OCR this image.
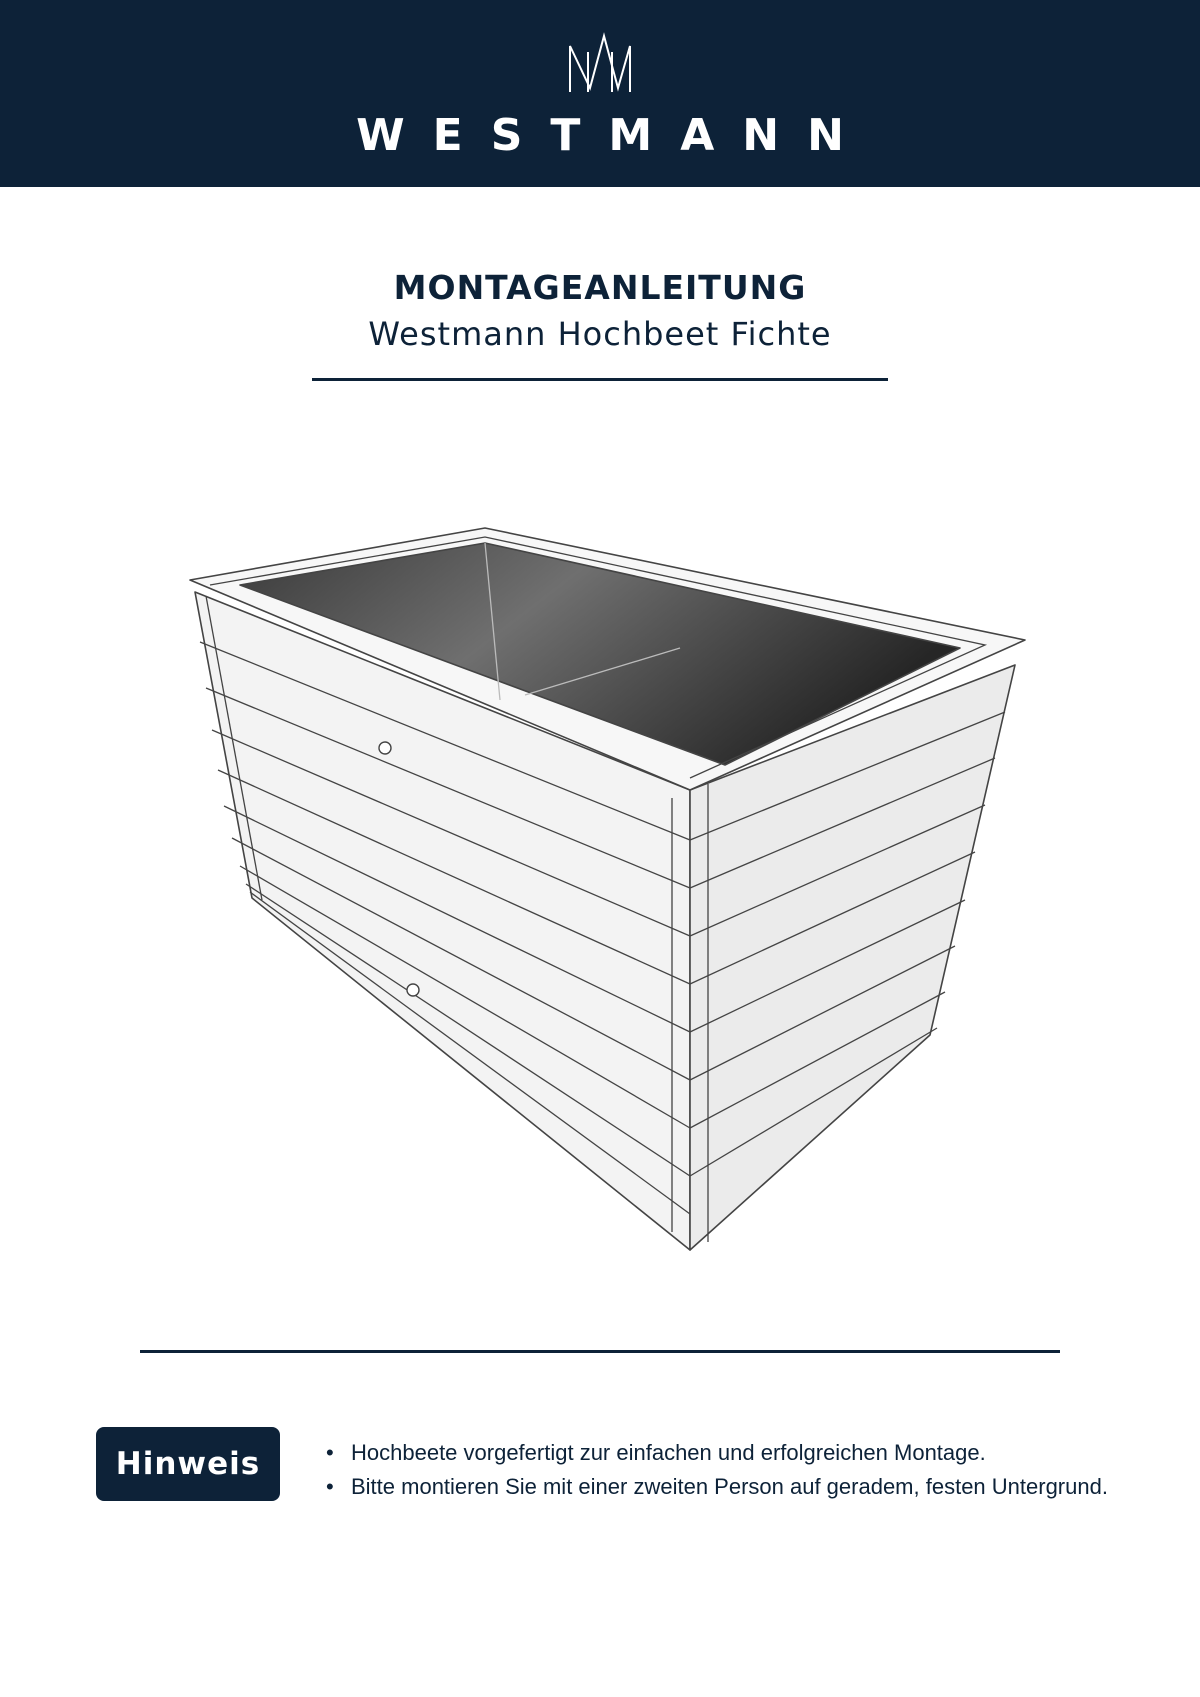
WESTMANN
MONTAGEANLEITUNG
Westmann Hochbeet Fichte
Hinweis
•	Hochbeete vorgefertigt zur einfachen und erfolgreichen Montage.
• Bitte montieren Sie mit einer zweiten Person auf geradem, festen Untergrund.
